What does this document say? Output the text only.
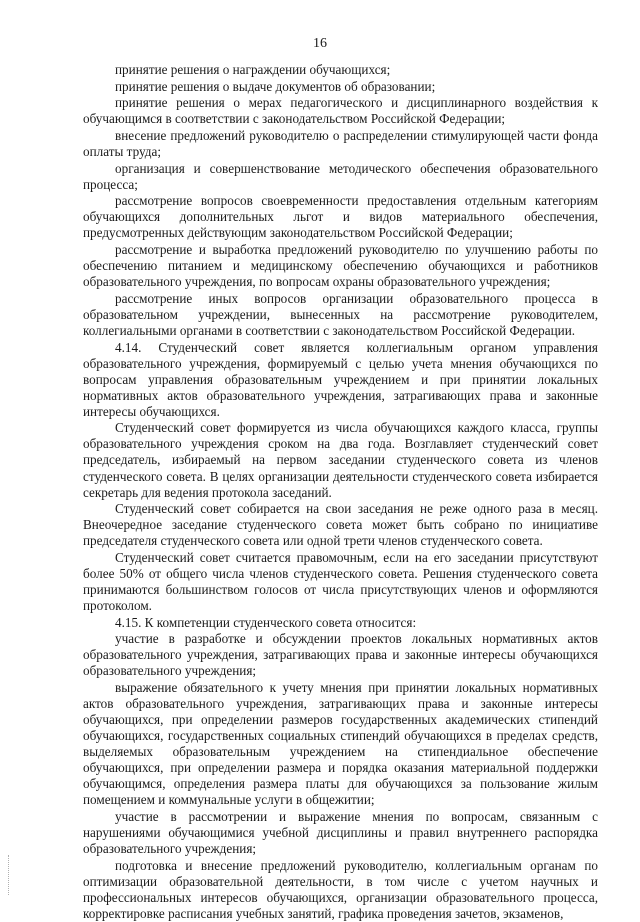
16

принятие решения о награждении обучающихся;

принятие решения о выдаче документов об образовании;

принятие решения о мерах педагогического и дисциплинарного воздействия к обучающимся в соответствии с законодательством Российской Федерации;

внесение предложений руководителю о распределении стимулирующей части фонда оплаты труда;

организация и совершенствование методического обеспечения образовательного процесса;

рассмотрение вопросов своевременности предоставления отдельным категориям обучающихся дополнительных льгот и видов материального обеспечения, предусмотренных действующим законодательством Российской Федерации;

рассмотрение и выработка предложений руководителю по улучшению работы по обеспечению питанием и медицинскому обеспечению обучающихся и работников образовательного учреждения, по вопросам охраны образовательного учреждения;

рассмотрение иных вопросов организации образовательного процесса в образовательном учреждении, вынесенных на рассмотрение руководителем, коллегиальными органами в соответствии с законодательством Российской Федерации.

4.14. Студенческий совет является коллегиальным органом управления образовательного учреждения, формируемый с целью учета мнения обучающихся по вопросам управления образовательным учреждением и при принятии локальных нормативных актов образовательного учреждения, затрагивающих права и законные интересы обучающихся.

Студенческий совет формируется из числа обучающихся каждого класса, группы образовательного учреждения сроком на два года. Возглавляет студенческий совет председатель, избираемый на первом заседании студенческого совета из членов студенческого совета. В целях организации деятельности студенческого совета избирается секретарь для ведения протокола заседаний.

Студенческий совет собирается на свои заседания не реже одного раза в месяц. Внеочередное заседание студенческого совета может быть собрано по инициативе председателя студенческого совета или одной трети членов студенческого совета.

Студенческий совет считается правомочным, если на его заседании присутствуют более 50% от общего числа членов студенческого совета. Решения студенческого совета принимаются большинством голосов от числа присутствующих членов и оформляются протоколом.

4.15. К компетенции студенческого совета относится:

участие в разработке и обсуждении проектов локальных нормативных актов образовательного учреждения, затрагивающих права и законные интересы обучающихся образовательного учреждения;

выражение обязательного к учету мнения при принятии локальных нормативных актов образовательного учреждения, затрагивающих права и законные интересы обучающихся, при определении размеров государственных академических стипендий обучающихся, государственных социальных стипендий обучающихся в пределах средств, выделяемых образовательным учреждением на стипендиальное обеспечение обучающихся, при определении размера и порядка оказания материальной поддержки обучающимся, определения размера платы для обучающихся за пользование жилым помещением и коммунальные услуги в общежитии;

участие в рассмотрении и выражение мнения по вопросам, связанным с нарушениями обучающимися учебной дисциплины и правил внутреннего распорядка образовательного учреждения;

подготовка и внесение предложений руководителю, коллегиальным органам по оптимизации образовательной деятельности, в том числе с учетом научных и профессиональных интересов обучающихся, организации образовательного процесса, корректировке расписания учебных занятий, графика проведения зачетов, экзаменов,
